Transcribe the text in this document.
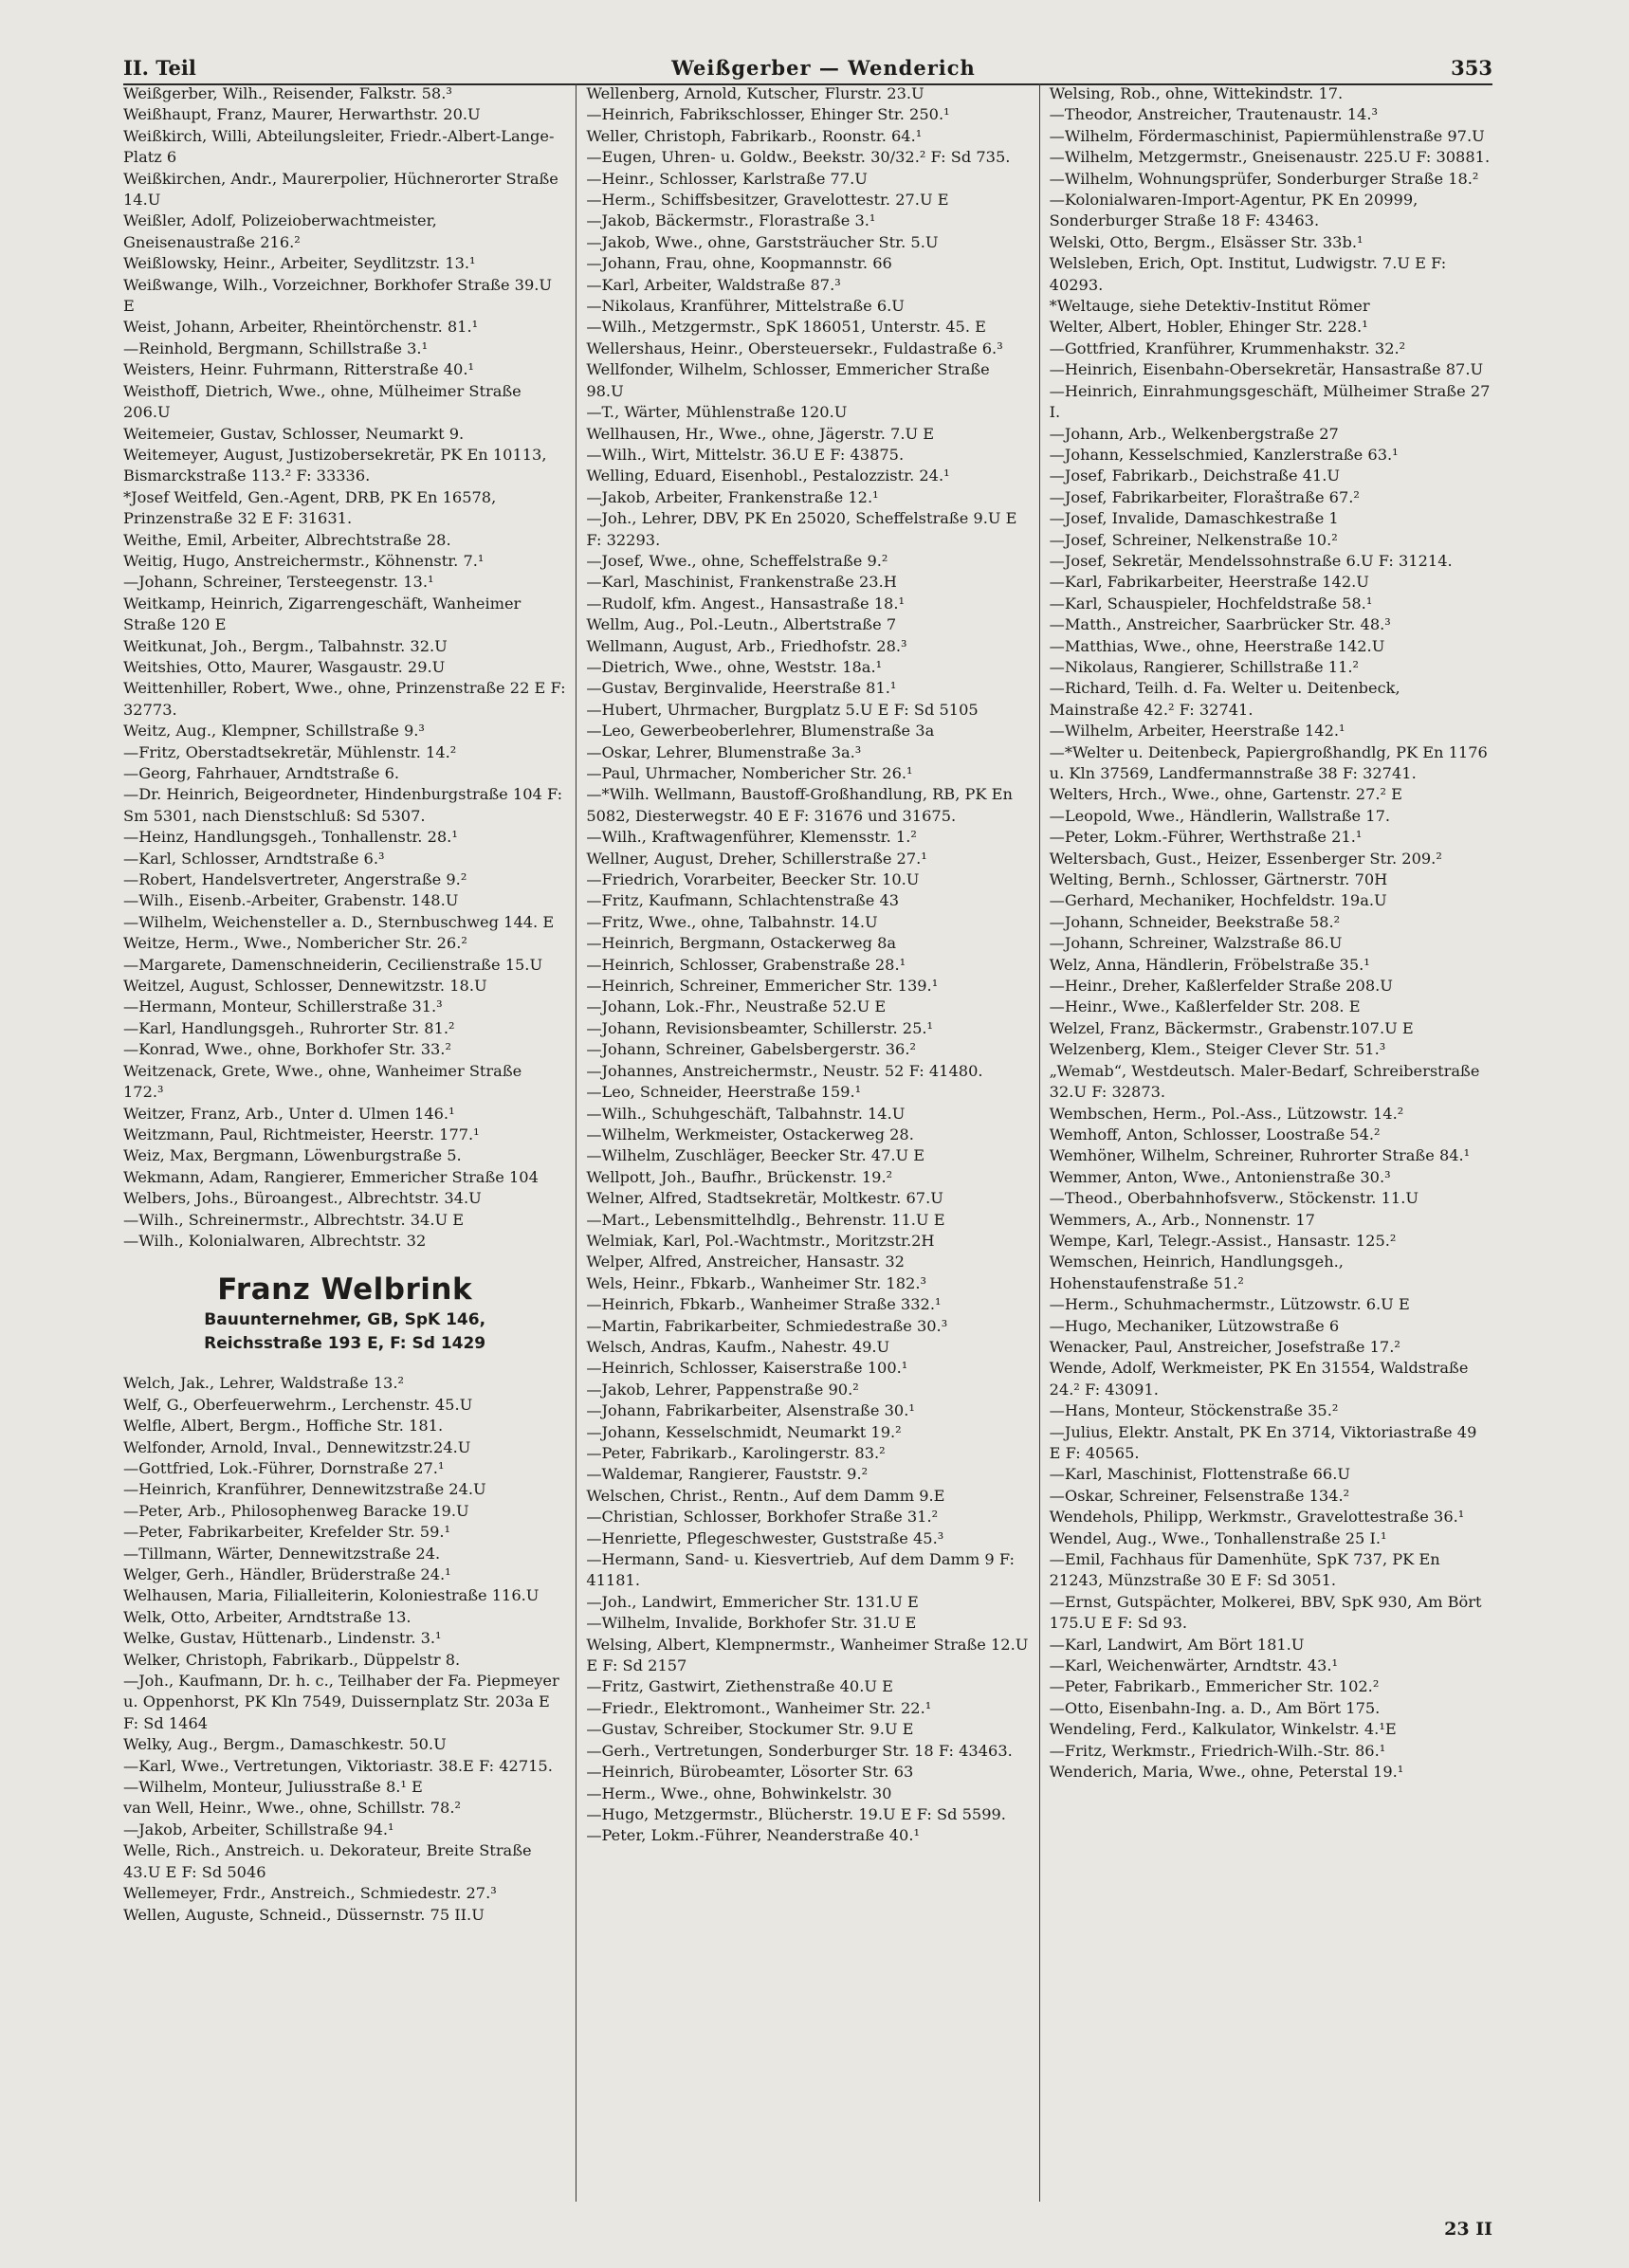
II. Teil	Weißgerber — Wenderich	353

Weißgerber, Wilh., Reisender, Falkstr. 58.³

Weißhaupt, Franz, Maurer, Herwarthstr. 20.U

Weißkirch, Willi, Abteilungsleiter, Friedr.-Albert-Lange-Platz 6

Weißkirchen, Andr., Maurerpolier, Hüchnerorter Straße 14.U

Weißler, Adolf, Polizeioberwachtmeister, Gneisenaustraße 216.²

Weißlowsky, Heinr., Arbeiter, Seydlitzstr. 13.¹

Weißwange, Wilh., Vorzeichner, Borkhofer Straße 39.U E

Weist, Johann, Arbeiter, Rheintörchenstr. 81.¹

—Reinhold, Bergmann, Schillstraße 3.¹

Weisters, Heinr. Fuhrmann, Ritterstraße 40.¹

Weisthoff, Dietrich, Wwe., ohne, Mülheimer Straße 206.U

Weitemeier, Gustav, Schlosser, Neumarkt 9.

Weitemeyer, August, Justizobersekretär, PK En 10113, Bismarckstraße 113.² F: 33336.

*Josef Weitfeld, Gen.-Agent, DRB, PK En 16578, Prinzenstraße 32 E F: 31631.

Weithe, Emil, Arbeiter, Albrechtstraße 28.

Weitig, Hugo, Anstreichermstr., Köhnenstr. 7.¹

—Johann, Schreiner, Tersteegenstr. 13.¹

Weitkamp, Heinrich, Zigarrengeschäft, Wanheimer Straße 120 E

Weitkunat, Joh., Bergm., Talbahnstr. 32.U

Weitshies, Otto, Maurer, Wasgaustr. 29.U

Weittenhiller, Robert, Wwe., ohne, Prinzenstraße 22 E F: 32773.

Weitz, Aug., Klempner, Schillstraße 9.³

—Fritz, Oberstadtsekretär, Mühlenstr. 14.²

—Georg, Fahrhauer, Arndtstraße 6.

—Dr. Heinrich, Beigeordneter, Hindenburgstraße 104 F: Sm 5301, nach Dienstschluß: Sd 5307.

—Heinz, Handlungsgeh., Tonhallenstr. 28.¹

—Karl, Schlosser, Arndtstraße 6.³

—Robert, Handelsvertreter, Angerstraße 9.²

—Wilh., Eisenb.-Arbeiter, Grabenstr. 148.U

—Wilhelm, Weichensteller a. D., Sternbuschweg 144. E

Weitze, Herm., Wwe., Nombericher Str. 26.²

—Margarete, Damenschneiderin, Cecilienstraße 15.U

Weitzel, August, Schlosser, Dennewitzstr. 18.U

—Hermann, Monteur, Schillerstraße 31.³

—Karl, Handlungsgeh., Ruhrorter Str. 81.²

—Konrad, Wwe., ohne, Borkhofer Str. 33.²

Weitzenack, Grete, Wwe., ohne, Wanheimer Straße 172.³

Weitzer, Franz, Arb., Unter d. Ulmen 146.¹

Weitzmann, Paul, Richtmeister, Heerstr. 177.¹

Weiz, Max, Bergmann, Löwenburgstraße 5.

Wekmann, Adam, Rangierer, Emmericher Straße 104

Welbers, Johs., Büroangest., Albrechtstr. 34.U

—Wilh., Schreinermstr., Albrechtstr. 34.U E

—Wilh., Kolonialwaren, Albrechtstr. 32

Franz Welbrink
Bauunternehmer, GB, SpK 146,
Reichsstraße 193 E, F: Sd 1429

Welch, Jak., Lehrer, Waldstraße 13.²

Welf, G., Oberfeuerwehrm., Lerchenstr. 45.U

Welfle, Albert, Bergm., Hoffiche Str. 181.

Welfonder, Arnold, Inval., Dennewitzstr.24.U

—Gottfried, Lok.-Führer, Dornstraße 27.¹

—Heinrich, Kranführer, Dennewitzstraße 24.U

—Peter, Arb., Philosophenweg Baracke 19.U

—Peter, Fabrikarbeiter, Krefelder Str. 59.¹

—Tillmann, Wärter, Dennewitzstraße 24.

Welger, Gerh., Händler, Brüderstraße 24.¹

Welhausen, Maria, Filialleiterin, Koloniestraße 116.U

Welk, Otto, Arbeiter, Arndtstraße 13.

Welke, Gustav, Hüttenarb., Lindenstr. 3.¹

Welker, Christoph, Fabrikarb., Düppelstr 8.

—Joh., Kaufmann, Dr. h. c., Teilhaber der Fa. Piepmeyer u. Oppenhorst, PK Kln 7549, Duissernplatz Str. 203a E F: Sd 1464

Welky, Aug., Bergm., Damaschkestr. 50.U

—Karl, Wwe., Vertretungen, Viktoriastr. 38.E F: 42715.

—Wilhelm, Monteur, Juliusstraße 8.¹ E

van Well, Heinr., Wwe., ohne, Schillstr. 78.²

—Jakob, Arbeiter, Schillstraße 94.¹

Welle, Rich., Anstreich. u. Dekorateur, Breite Straße 43.U E F: Sd 5046

Wellemeyer, Frdr., Anstreich., Schmiedestr. 27.³

Wellen, Auguste, Schneid., Düssernstr. 75 II.U

Wellenberg, Arnold, Kutscher, Flurstr. 23.U

—Heinrich, Fabrikschlosser, Ehinger Str. 250.¹

Weller, Christoph, Fabrikarb., Roonstr. 64.¹

—Eugen, Uhren- u. Goldw., Beekstr. 30/32.² F: Sd 735.

—Heinr., Schlosser, Karlstraße 77.U

—Herm., Schiffsbesitzer, Gravelottestr. 27.U E

—Jakob, Bäckermstr., Florastraße 3.¹

—Jakob, Wwe., ohne, Garststräucher Str. 5.U

—Johann, Frau, ohne, Koopmannstr. 66

—Karl, Arbeiter, Waldstraße 87.³

—Nikolaus, Kranführer, Mittelstraße 6.U

—Wilh., Metzgermstr., SpK 186051, Unterstr. 45. E

Wellershaus, Heinr., Obersteuersekr., Fuldastraße 6.³

Wellfonder, Wilhelm, Schlosser, Emmericher Straße 98.U

—T., Wärter, Mühlenstraße 120.U

Wellhausen, Hr., Wwe., ohne, Jägerstr. 7.U E

—Wilh., Wirt, Mittelstr. 36.U E F: 43875.

Welling, Eduard, Eisenhobl., Pestalozzistr. 24.¹

—Jakob, Arbeiter, Frankenstraße 12.¹

—Joh., Lehrer, DBV, PK En 25020, Scheffelstraße 9.U E F: 32293.

—Josef, Wwe., ohne, Scheffelstraße 9.²

—Karl, Maschinist, Frankenstraße 23.H

—Rudolf, kfm. Angest., Hansastraße 18.¹

Wellm, Aug., Pol.-Leutn., Albertstraße 7

Wellmann, August, Arb., Friedhofstr. 28.³

—Dietrich, Wwe., ohne, Weststr. 18a.¹

—Gustav, Berginvalide, Heerstraße 81.¹

—Hubert, Uhrmacher, Burgplatz 5.U E F: Sd 5105

—Leo, Gewerbeoberlehrer, Blumenstraße 3a

—Oskar, Lehrer, Blumenstraße 3a.³

—Paul, Uhrmacher, Nombericher Str. 26.¹

—*Wilh. Wellmann, Baustoff-Großhandlung, RB, PK En 5082, Diesterwegstr. 40 E F: 31676 und 31675.

—Wilh., Kraftwagenführer, Klemensstr. 1.²

Wellner, August, Dreher, Schillerstraße 27.¹

—Friedrich, Vorarbeiter, Beecker Str. 10.U

—Fritz, Kaufmann, Schlachtenstraße 43

—Fritz, Wwe., ohne, Talbahnstr. 14.U

—Heinrich, Bergmann, Ostackerweg 8a

—Heinrich, Schlosser, Grabenstraße 28.¹

—Heinrich, Schreiner, Emmericher Str. 139.¹

—Johann, Lok.-Fhr., Neustraße 52.U E

—Johann, Revisionsbeamter, Schillerstr. 25.¹

—Johann, Schreiner, Gabelsbergerstr. 36.²

—Johannes, Anstreichermstr., Neustr. 52 F: 41480.

—Leo, Schneider, Heerstraße 159.¹

—Wilh., Schuhgeschäft, Talbahnstr. 14.U

—Wilhelm, Werkmeister, Ostackerweg 28.

—Wilhelm, Zuschläger, Beecker Str. 47.U E

Wellpott, Joh., Baufhr., Brückenstr. 19.²

Welner, Alfred, Stadtsekretär, Moltkestr. 67.U

—Mart., Lebensmittelhdlg., Behrenstr. 11.U E

Welmiak, Karl, Pol.-Wachtmstr., Moritzstr.2H

Welper, Alfred, Anstreicher, Hansastr. 32

Wels, Heinr., Fbkarb., Wanheimer Str. 182.³

—Heinrich, Fbkarb., Wanheimer Straße 332.¹

—Martin, Fabrikarbeiter, Schmiedestraße 30.³

Welsch, Andras, Kaufm., Nahestr. 49.U

—Heinrich, Schlosser, Kaiserstraße 100.¹

—Jakob, Lehrer, Pappenstraße 90.²

—Johann, Fabrikarbeiter, Alsenstraße 30.¹

—Johann, Kesselschmidt, Neumarkt 19.²

—Peter, Fabrikarb., Karolingerstr. 83.²

—Waldemar, Rangierer, Fauststr. 9.²

Welschen, Christ., Rentn., Auf dem Damm 9.E

—Christian, Schlosser, Borkhofer Straße 31.²

—Henriette, Pflegeschwester, Guststraße 45.³

—Hermann, Sand- u. Kiesvertrieb, Auf dem Damm 9 F: 41181.

—Joh., Landwirt, Emmericher Str. 131.U E

—Wilhelm, Invalide, Borkhofer Str. 31.U E

Welsing, Albert, Klempnermstr., Wanheimer Straße 12.U E F: Sd 2157

—Fritz, Gastwirt, Ziethenstraße 40.U E

—Friedr., Elektromont., Wanheimer Str. 22.¹

—Gustav, Schreiber, Stockumer Str. 9.U E

—Gerh., Vertretungen, Sonderburger Str. 18 F: 43463.

—Heinrich, Bürobeamter, Lösorter Str. 63

—Herm., Wwe., ohne, Bohwinkelstr. 30

—Hugo, Metzgermstr., Blücherstr. 19.U E F: Sd 5599.

—Peter, Lokm.-Führer, Neanderstraße 40.¹

Welsing, Rob., ohne, Wittekindstr. 17.

—Theodor, Anstreicher, Trautenaustr. 14.³

—Wilhelm, Fördermaschinist, Papiermühlenstraße 97.U

—Wilhelm, Metzgermstr., Gneisenaustr. 225.U F: 30881.

—Wilhelm, Wohnungsprüfer, Sonderburger Straße 18.²

—Kolonialwaren-Import-Agentur, PK En 20999, Sonderburger Straße 18 F: 43463.

Welski, Otto, Bergm., Elsässer Str. 33b.¹

Welsleben, Erich, Opt. Institut, Ludwigstr. 7.U E F: 40293.

*Weltauge, siehe Detektiv-Institut Römer

Welter, Albert, Hobler, Ehinger Str. 228.¹

—Gottfried, Kranführer, Krummenhakstr. 32.²

—Heinrich, Eisenbahn-Obersekretär, Hansastraße 87.U

—Heinrich, Einrahmungsgeschäft, Mülheimer Straße 27 I.

—Johann, Arb., Welkenbergstraße 27

—Johann, Kesselschmied, Kanzlerstraße 63.¹

—Josef, Fabrikarb., Deichstraße 41.U

—Josef, Fabrikarbeiter, Floraštraße 67.²

—Josef, Invalide, Damaschkestraße 1

—Josef, Schreiner, Nelkenstraße 10.²

—Josef, Sekretär, Mendelssohnstraße 6.U F: 31214.

—Karl, Fabrikarbeiter, Heerstraße 142.U

—Karl, Schauspieler, Hochfeldstraße 58.¹

—Matth., Anstreicher, Saarbrücker Str. 48.³

—Matthias, Wwe., ohne, Heerstraße 142.U

—Nikolaus, Rangierer, Schillstraße 11.²

—Richard, Teilh. d. Fa. Welter u. Deitenbeck, Mainstraße 42.² F: 32741.

—Wilhelm, Arbeiter, Heerstraße 142.¹

—*Welter u. Deitenbeck, Papiergroßhandlg, PK En 1176 u. Kln 37569, Landfermannstraße 38 F: 32741.

Welters, Hrch., Wwe., ohne, Gartenstr. 27.² E

—Leopold, Wwe., Händlerin, Wallstraße 17.

—Peter, Lokm.-Führer, Werthstraße 21.¹

Weltersbach, Gust., Heizer, Essenberger Str. 209.²

Welting, Bernh., Schlosser, Gärtnerstr. 70H

—Gerhard, Mechaniker, Hochfeldstr. 19a.U

—Johann, Schneider, Beekstraße 58.²

—Johann, Schreiner, Walzstraße 86.U

Welz, Anna, Händlerin, Fröbelstraße 35.¹

—Heinr., Dreher, Kaßlerfelder Straße 208.U

—Heinr., Wwe., Kaßlerfelder Str. 208. E

Welzel, Franz, Bäckermstr., Grabenstr.107.U E

Welzenberg, Klem., Steiger Clever Str. 51.³

„Wemab“, Westdeutsch. Maler-Bedarf, Schreiberstraße 32.U F: 32873.

Wembschen, Herm., Pol.-Ass., Lützowstr. 14.²

Wemhoff, Anton, Schlosser, Loostraße 54.²

Wemhöner, Wilhelm, Schreiner, Ruhrorter Straße 84.¹

Wemmer, Anton, Wwe., Antonienstraße 30.³

—Theod., Oberbahnhofsverw., Stöckenstr. 11.U

Wemmers, A., Arb., Nonnenstr. 17

Wempe, Karl, Telegr.-Assist., Hansastr. 125.²

Wemschen, Heinrich, Handlungsgeh., Hohenstaufenstraße 51.²

—Herm., Schuhmachermstr., Lützowstr. 6.U E

—Hugo, Mechaniker, Lützowstraße 6

Wenacker, Paul, Anstreicher, Josefstraße 17.²

Wende, Adolf, Werkmeister, PK En 31554, Waldstraße 24.² F: 43091.

—Hans, Monteur, Stöckenstraße 35.²

—Julius, Elektr. Anstalt, PK En 3714, Viktoriastraße 49 E F: 40565.

—Karl, Maschinist, Flottenstraße 66.U

—Oskar, Schreiner, Felsenstraße 134.²

Wendehols, Philipp, Werkmstr., Gravelottestraße 36.¹

Wendel, Aug., Wwe., Tonhallenstraße 25 I.¹

—Emil, Fachhaus für Damenhüte, SpK 737, PK En 21243, Münzstraße 30 E F: Sd 3051.

—Ernst, Gutspächter, Molkerei, BBV, SpK 930, Am Bört 175.U E F: Sd 93.

—Karl, Landwirt, Am Bört 181.U

—Karl, Weichenwärter, Arndtstr. 43.¹

—Peter, Fabrikarb., Emmericher Str. 102.²

—Otto, Eisenbahn-Ing. a. D., Am Bört 175.

Wendeling, Ferd., Kalkulator, Winkelstr. 4.¹E

—Fritz, Werkmstr., Friedrich-Wilh.-Str. 86.¹

Wenderich, Maria, Wwe., ohne, Peterstal 19.¹

23 II
